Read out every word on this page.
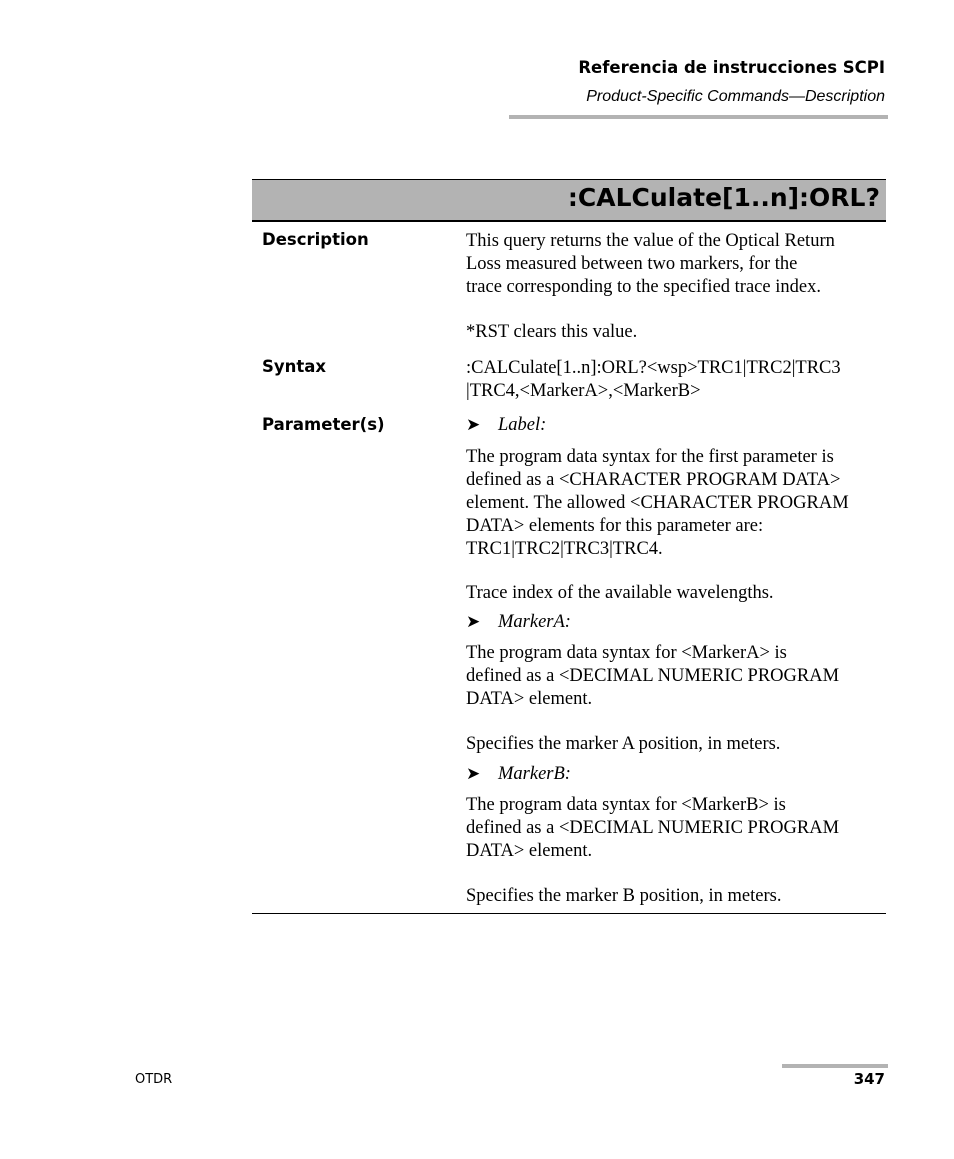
Referencia de instrucciones SCPI
Product-Specific Commands—Description
:CALCulate[1..n]:ORL?
Description	This query returns the value of the Optical Return
Loss measured between two markers, for the
trace corresponding to the specified trace index.
*RST clears this value.
Syntax	:CALCulate[1..n]:ORL?<wsp>TRC1|TRC2|TRC3
|TRC4,<MarkerA>,<MarkerB>
Parameter(s)	➤ Label:
The program data syntax for the first parameter is
defined as a <CHARACTER PROGRAM DATA>
element. The allowed <CHARACTER PROGRAM
DATA> elements for this parameter are:
TRC1|TRC2|TRC3|TRC4.
Trace index of the available wavelengths.
➤ MarkerA:
The program data syntax for <MarkerA> is
defined as a <DECIMAL NUMERIC PROGRAM
DATA> element.
Specifies the marker A position, in meters.
➤ MarkerB:
The program data syntax for <MarkerB> is
defined as a <DECIMAL NUMERIC PROGRAM
DATA> element.
Specifies the marker B position, in meters.
OTDR	347
